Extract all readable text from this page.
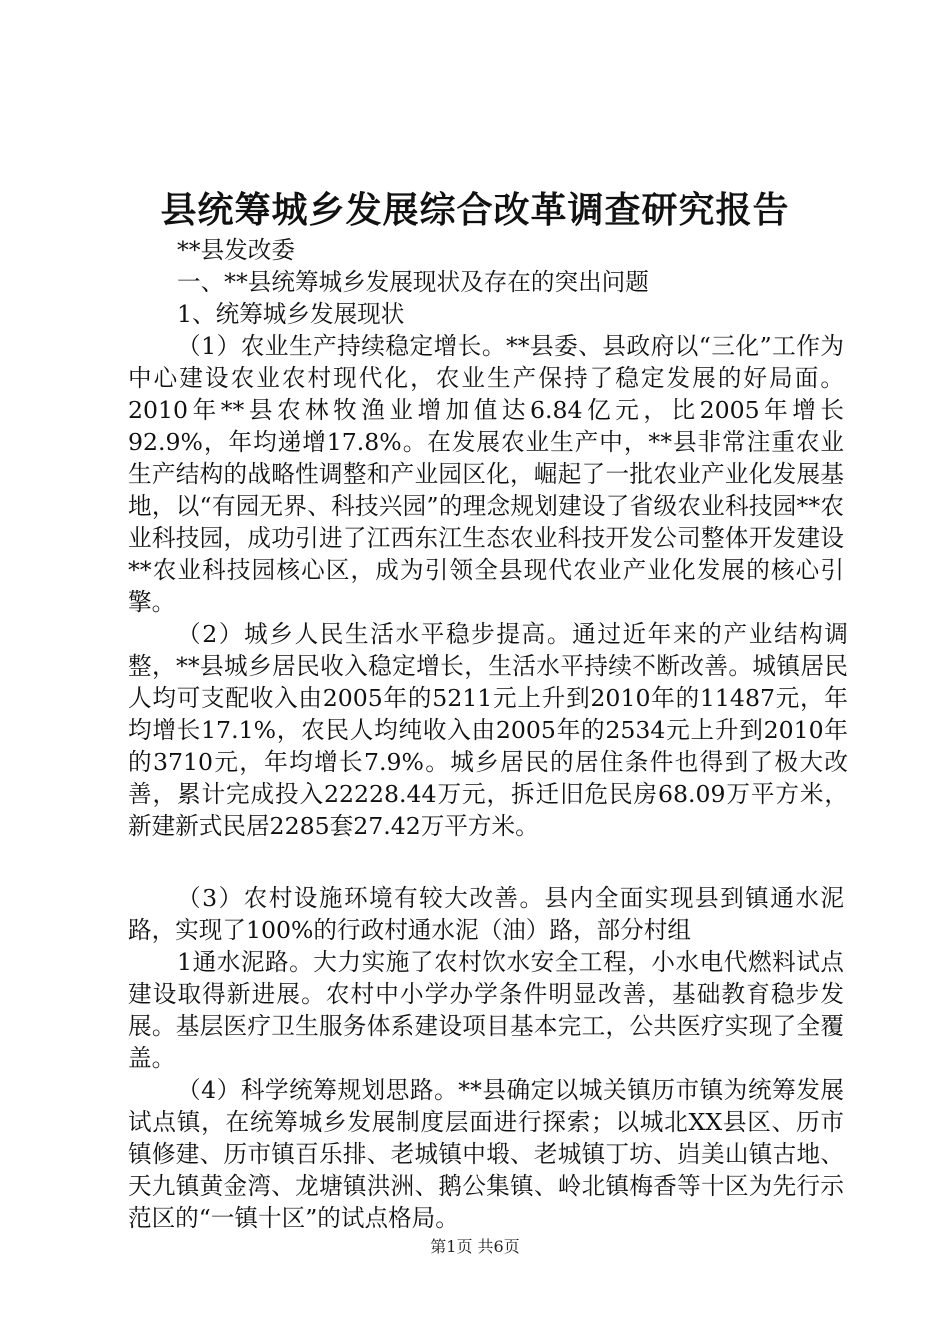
县统筹城乡发展综合改革调查研究报告
**县发改委
一、**县统筹城乡发展现状及存在的突出问题
1、统筹城乡发展现状

（1）农业生产持续稳定增长。**县委、县政府以“三化”工作为中心建设农业农村现代化，农业生产保持了稳定发展的好局面。2010年**县农林牧渔业增加值达6.84亿元，比2005年增长92.9%，年均递增17.8%。在发展农业生产中，**县非常注重农业生产结构的战略性调整和产业园区化，崛起了一批农业产业化发展基地，以“有园无界、科技兴园”的理念规划建设了省级农业科技园**农业科技园，成功引进了江西东江生态农业科技开发公司整体开发建设**农业科技园核心区，成为引领全县现代农业产业化发展的核心引擎。

（2）城乡人民生活水平稳步提高。通过近年来的产业结构调整，**县城乡居民收入稳定增长，生活水平持续不断改善。城镇居民人均可支配收入由2005年的5211元上升到2010年的11487元，年均增长17.1%，农民人均纯收入由2005年的2534元上升到2010年的3710元，年均增长7.9%。城乡居民的居住条件也得到了极大改善，累计完成投入22228.44万元，拆迁旧危民房68.09万平方米，新建新式民居2285套27.42万平方米。

（3）农村设施环境有较大改善。县内全面实现县到镇通水泥路，实现了100%的行政村通水泥（油）路，部分村组

1通水泥路。大力实施了农村饮水安全工程，小水电代燃料试点建设取得新进展。农村中小学办学条件明显改善，基础教育稳步发展。基层医疗卫生服务体系建设项目基本完工，公共医疗实现了全覆盖。

（4）科学统筹规划思路。**县确定以城关镇历市镇为统筹发展试点镇，在统筹城乡发展制度层面进行探索；以城北XX县区、历市镇修建、历市镇百乐排、老城镇中塅、老城镇丁坊、岿美山镇古地、天九镇黄金湾、龙塘镇洪洲、鹅公集镇、岭北镇梅香等十区为先行示范区的“一镇十区”的试点格局。

第1页 共6页
